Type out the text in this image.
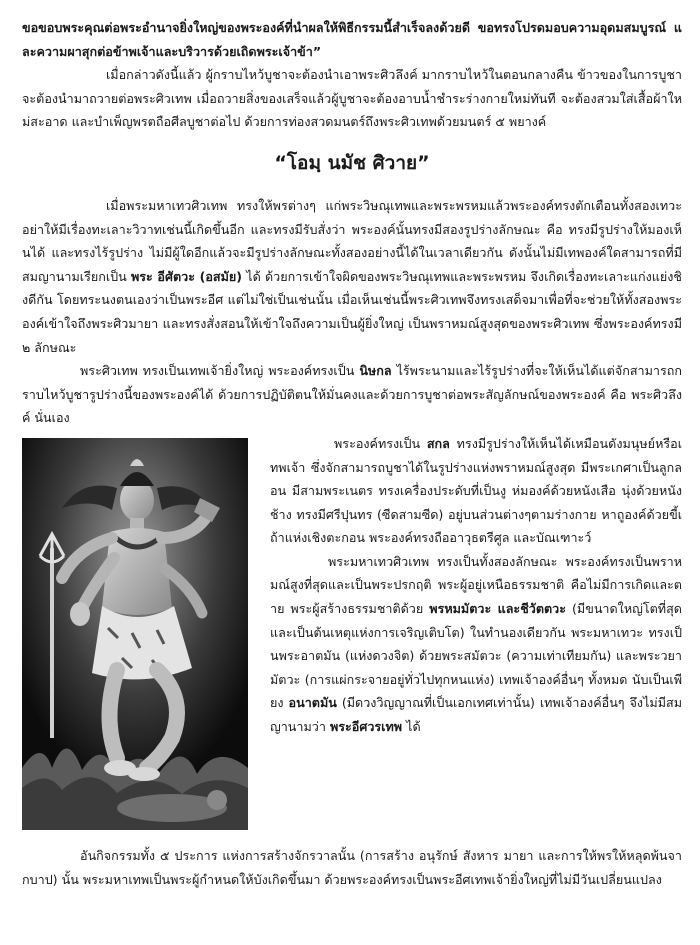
ขอขอบพระคุณต่อพระอำนาจยิ่งใหญ่ของพระองค์ที่นำผลให้พิธีกรรมนี้สำเร็จลงด้วยดี ขอทรงโปรดมอบความอุดมสมบูรณ์ และความผาสุกต่อข้าพเจ้าและบริวารด้วยเถิดพระเจ้าข้า”

เมื่อกล่าวดังนี้แล้ว ผู้กราบไหว้บูชาจะต้องนำเอาพระศิวลึงค์ มากราบไหว้ในตอนกลางคืน ข้าวของในการบูชาจะต้องนำมาถวายต่อพระศิวเทพ เมื่อถวายสิ่งของเสร็จแล้วผู้บูชาจะต้องอาบน้ำชำระร่างกายใหม่ทันที จะต้องสวมใส่เสื้อผ้าใหม่สะอาด และบำเพ็ญพรตถือศีลบูชาต่อไป ด้วยการท่องสวดมนตร์ถึงพระศิวเทพด้วยมนตร์ ๕ พยางค์

“โอมฺ นมัช ศิวาย”

เมื่อพระมหาเทวศิวเทพ ทรงให้พรต่างๆ แก่พระวิษณุเทพและพระพรหมแล้วพระองค์ทรงตักเตือนทั้งสองเทวะ อย่าให้มีเรื่องทะเลาะวิวาทเช่นนี้เกิดขึ้นอีก และทรงมีรับสั่งว่า พระองค์นั้นทรงมีสองรูปร่างลักษณะ คือ ทรงมีรูปร่างให้มองเห็นได้ และทรงไร้รูปร่าง ไม่มีผู้ใดอีกแล้วจะมีรูปร่างลักษณะทั้งสองอย่างนี้ได้ในเวลาเดียวกัน ดังนั้นไม่มีเทพองค์ใดสามารถที่มีสมญานามเรียกเป็น พระ อีศัตวะ (อสมัย) ได้ ด้วยการเข้าใจผิดของพระวิษณุเทพและพระพรหม จึงเกิดเรื่องทะเลาะแก่งแย่งชิงดีกัน โดยทระนงตนเองว่าเป็นพระอีศ แต่ไม่ใช่เป็นเช่นนั้น เมื่อเห็นเช่นนี้พระศิวเทพจึงทรงเสด็จมาเพื่อที่จะช่วยให้ทั้งสองพระองค์เข้าใจถึงพระศิวมายา และทรงสั่งสอนให้เข้าใจถึงความเป็นผู้ยิ่งใหญ่ เป็นพราหมณ์สูงสุดของพระศิวเทพ ซึ่งพระองค์ทรงมี ๒ ลักษณะ

พระศิวเทพ ทรงเป็นเทพเจ้ายิ่งใหญ่ พระองค์ทรงเป็น นิษกล ไร้พระนามและไร้รูปร่างที่จะให้เห็นได้แต่จักสามารถกราบไหว้บูชารูปร่างนี้ของพระองค์ได้ ด้วยการปฏิบัติตนให้มั่นคงและด้วยการบูชาต่อพระสัญลักษณ์ของพระองค์ คือ พระศิวลึงค์ นั่นเอง

พระองค์ทรงเป็น สกล ทรงมีรูปร่างให้เห็นได้เหมือนดังมนุษย์หรือเทพเจ้า ซึ่งจักสามารถบูชาได้ในรูปร่างแห่งพราหมณ์สูงสุด มีพระเกศาเป็นลูกลอน มีสามพระเนตร ทรงเครื่องประดับที่เป็นงู ห่มองค์ด้วยหนังเสือ นุ่งด้วยหนังช้าง ทรงมีศรีปุนทร (ซีดสามซีด) อยู่บนส่วนต่างๆตามร่างกาย หาถูองค์ด้วยขี้เถ้าแห่งเชิงตะกอน พระองค์ทรงถืออาวุธตรีศูล และบัณเฑาะว์

พระมหาเทวศิวเทพ ทรงเป็นทั้งสองลักษณะ พระองค์ทรงเป็นพราหมณ์สูงที่สุดและเป็นพระปรกฤติ พระผู้อยู่เหนือธรรมชาติ คือไม่มีการเกิดและตาย พระผู้สร้างธรรมชาติด้วย พรหมมัตวะ และชีวัตตวะ (มีขนาดใหญ่โตที่สุด และเป็นต้นเหตุแห่งการเจริญเติบโต) ในทำนองเดียวกัน พระมหาเทวะ ทรงเป็นพระอาตมัน (แห่งดวงจิต) ด้วยพระสมัตวะ (ความเท่าเทียมกัน) และพระวยามัตวะ (การแผ่กระจายอยู่ทั่วไปทุกหนแห่ง) เทพเจ้าองค์อื่นๆ ทั้งหมด นับเป็นเพียง อนาตมัน (มีดวงวิญญาณที่เป็นเอกเทศเท่านั้น) เทพเจ้าองค์อื่นๆ จึงไม่มีสมญานามว่า พระอีศวรเทพ ได้

อันกิจกรรมทั้ง ๕ ประการ แห่งการสร้างจักรวาลนั้น (การสร้าง อนุรักษ์ สังหาร มายา และการให้พรให้หลุดพ้นจากบาป) นั้น พระมหาเทพเป็นพระผู้กำหนดให้บังเกิดขึ้นมา ด้วยพระองค์ทรงเป็นพระอีศเทพเจ้ายิ่งใหญ่ที่ไม่มีวันเปลี่ยนแปลง
